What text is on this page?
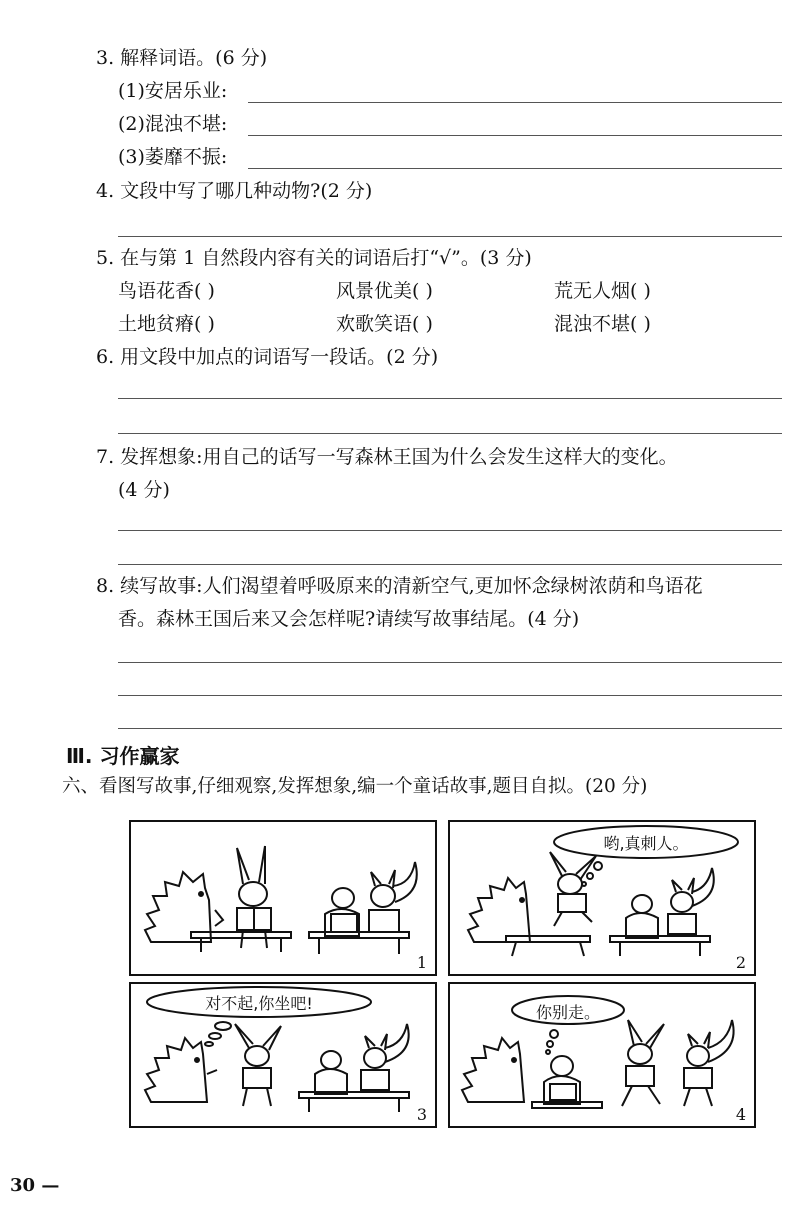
3. 解释词语。(6 分)
(1)安居乐业:
(2)混浊不堪:
(3)萎靡不振:
4. 文段中写了哪几种动物?(2 分)
5. 在与第 1 自然段内容有关的词语后打“√”。(3 分)
鸟语花香( )	风景优美( )	荒无人烟( )
土地贫瘠( )	欢歌笑语( )	混浊不堪( )
6. 用文段中加点的词语写一段话。(2 分)
7. 发挥想象:用自己的话写一写森林王国为什么会发生这样大的变化。
(4 分)
8. 续写故事:人们渴望着呼吸原来的清新空气,更加怀念绿树浓荫和鸟语花
香。森林王国后来又会怎样呢?请续写故事结尾。(4 分)
Ⅲ. 习作赢家
六、看图写故事,仔细观察,发挥想象,编一个童话故事,题目自拟。(20 分)
1
哟,真刺人。
2
对不起,你坐吧!
3
你别走。
4
30 —
